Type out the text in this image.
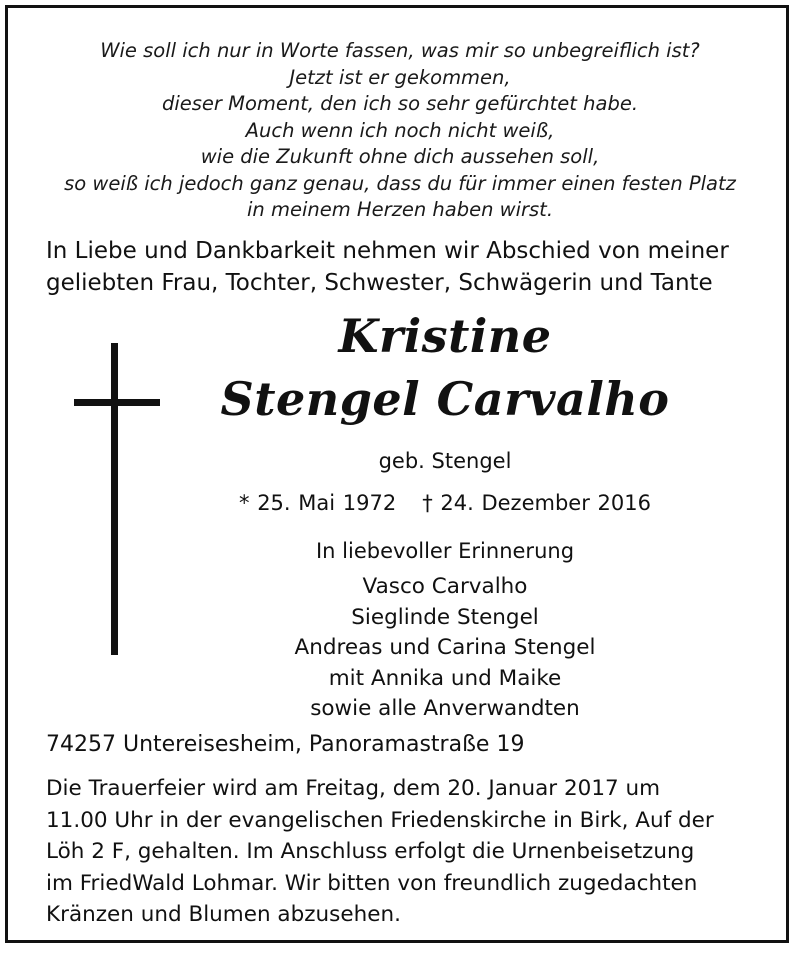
Wie soll ich nur in Worte fassen, was mir so unbegreiflich ist?
Jetzt ist er gekommen,
dieser Moment, den ich so sehr gefürchtet habe.
Auch wenn ich noch nicht weiß,
wie die Zukunft ohne dich aussehen soll,
so weiß ich jedoch ganz genau, dass du für immer einen festen Platz
in meinem Herzen haben wirst.
In Liebe und Dankbarkeit nehmen wir Abschied von meiner
geliebten Frau, Tochter, Schwester, Schwägerin und Tante
Kristine
Stengel Carvalho
geb. Stengel
* 25. Mai 1972 † 24. Dezember 2016
In liebevoller Erinnerung
Vasco Carvalho
Sieglinde Stengel
Andreas und Carina Stengel
mit Annika und Maike
sowie alle Anverwandten
74257 Untereisesheim, Panoramastraße 19
Die Trauerfeier wird am Freitag, dem 20. Januar 2017 um
11.00 Uhr in der evangelischen Friedenskirche in Birk, Auf der
Löh 2 F, gehalten. Im Anschluss erfolgt die Urnenbeisetzung
im FriedWald Lohmar. Wir bitten von freundlich zugedachten
Kränzen und Blumen abzusehen.
